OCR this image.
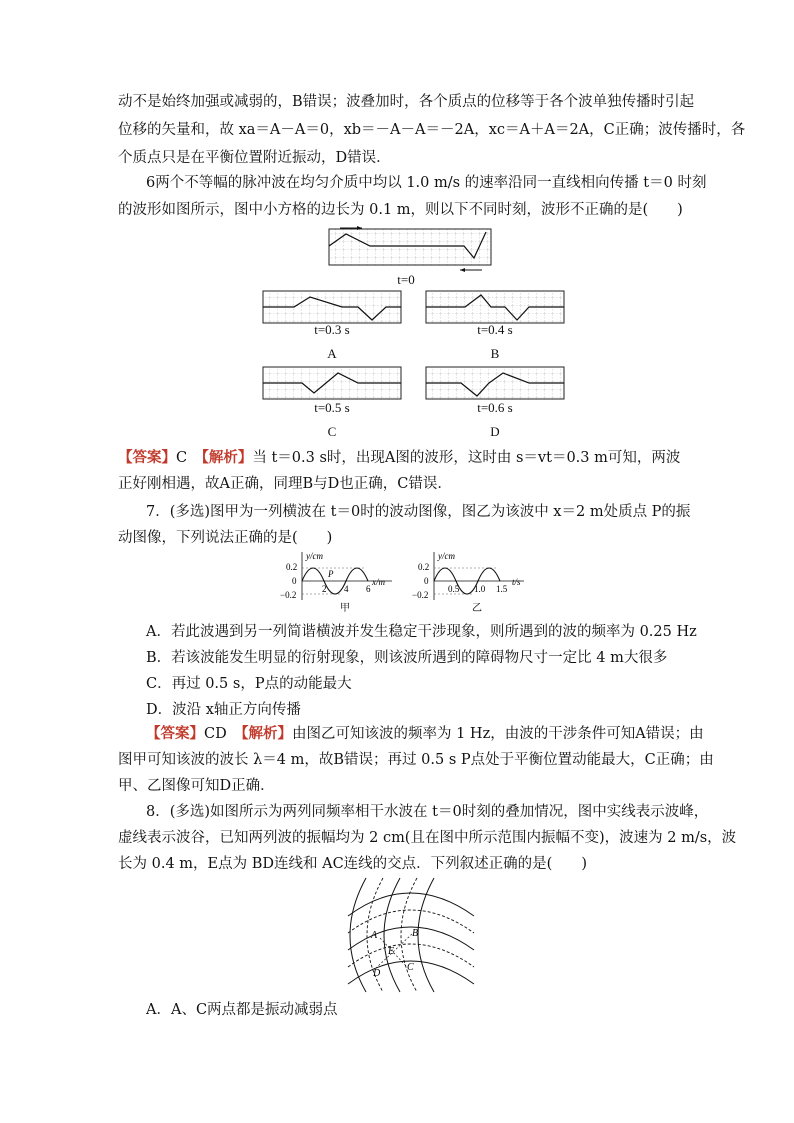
动不是始终加强或减弱的，B错误；波叠加时，各个质点的位移等于各个波单独传播时引起
位移的矢量和，故 xa＝A－A＝0，xb＝－A－A＝－2A，xc＝A＋A＝2A，C正确；波传播时，各
个质点只是在平衡位置附近振动，D错误．
6两个不等幅的脉冲波在均匀介质中均以 1.0 m/s 的速率沿同一直线相向传播 t＝0 时刻
的波形如图所示，图中小方格的边长为 0.1 m，则以下不同时刻，波形不正确的是(　　)
t=0
t=0.3 s
A
t=0.4 s
B
t=0.5 s
C
t=0.6 s
D
【答案】C　 【解析】当 t＝0.3 s时，出现A图的波形，这时由 s＝vt＝0.3 m可知，两波
正好刚相遇，故A正确，同理B与D也正确，C错误．
7．(多选)图甲为一列横波在 t＝0时的波动图像，图乙为该波中 x＝2 m处质点 P的振
动图像，下列说法正确的是(　　)
y/cm
0.2
0
−0.2
2 4 6
x/m
P
甲
y/cm
0.2
0
−0.2
0.5 1.0 1.5
t/s
乙
A．若此波遇到另一列简谐横波并发生稳定干涉现象，则所遇到的波的频率为 0.25 Hz
B．若该波能发生明显的衍射现象，则该波所遇到的障碍物尺寸一定比 4 m大很多
C．再过 0.5 s，P点的动能最大
D．波沿 x轴正方向传播
【答案】CD　 【解析】由图乙可知该波的频率为 1 Hz，由波的干涉条件可知A错误；由
图甲可知该波的波长 λ＝4 m，故B错误；再过 0.5 s P点处于平衡位置动能最大，C正确；由
甲、乙图像可知D正确．
8．(多选)如图所示为两列同频率相干水波在 t＝0时刻的叠加情况，图中实线表示波峰，
虚线表示波谷，已知两列波的振幅均为 2 cm(且在图中所示范围内振幅不变)，波速为 2 m/s，波
长为 0.4 m，E点为 BD连线和 AC连线的交点．下列叙述正确的是(　　)
A	B
C
D
E
A．A、C两点都是振动减弱点
